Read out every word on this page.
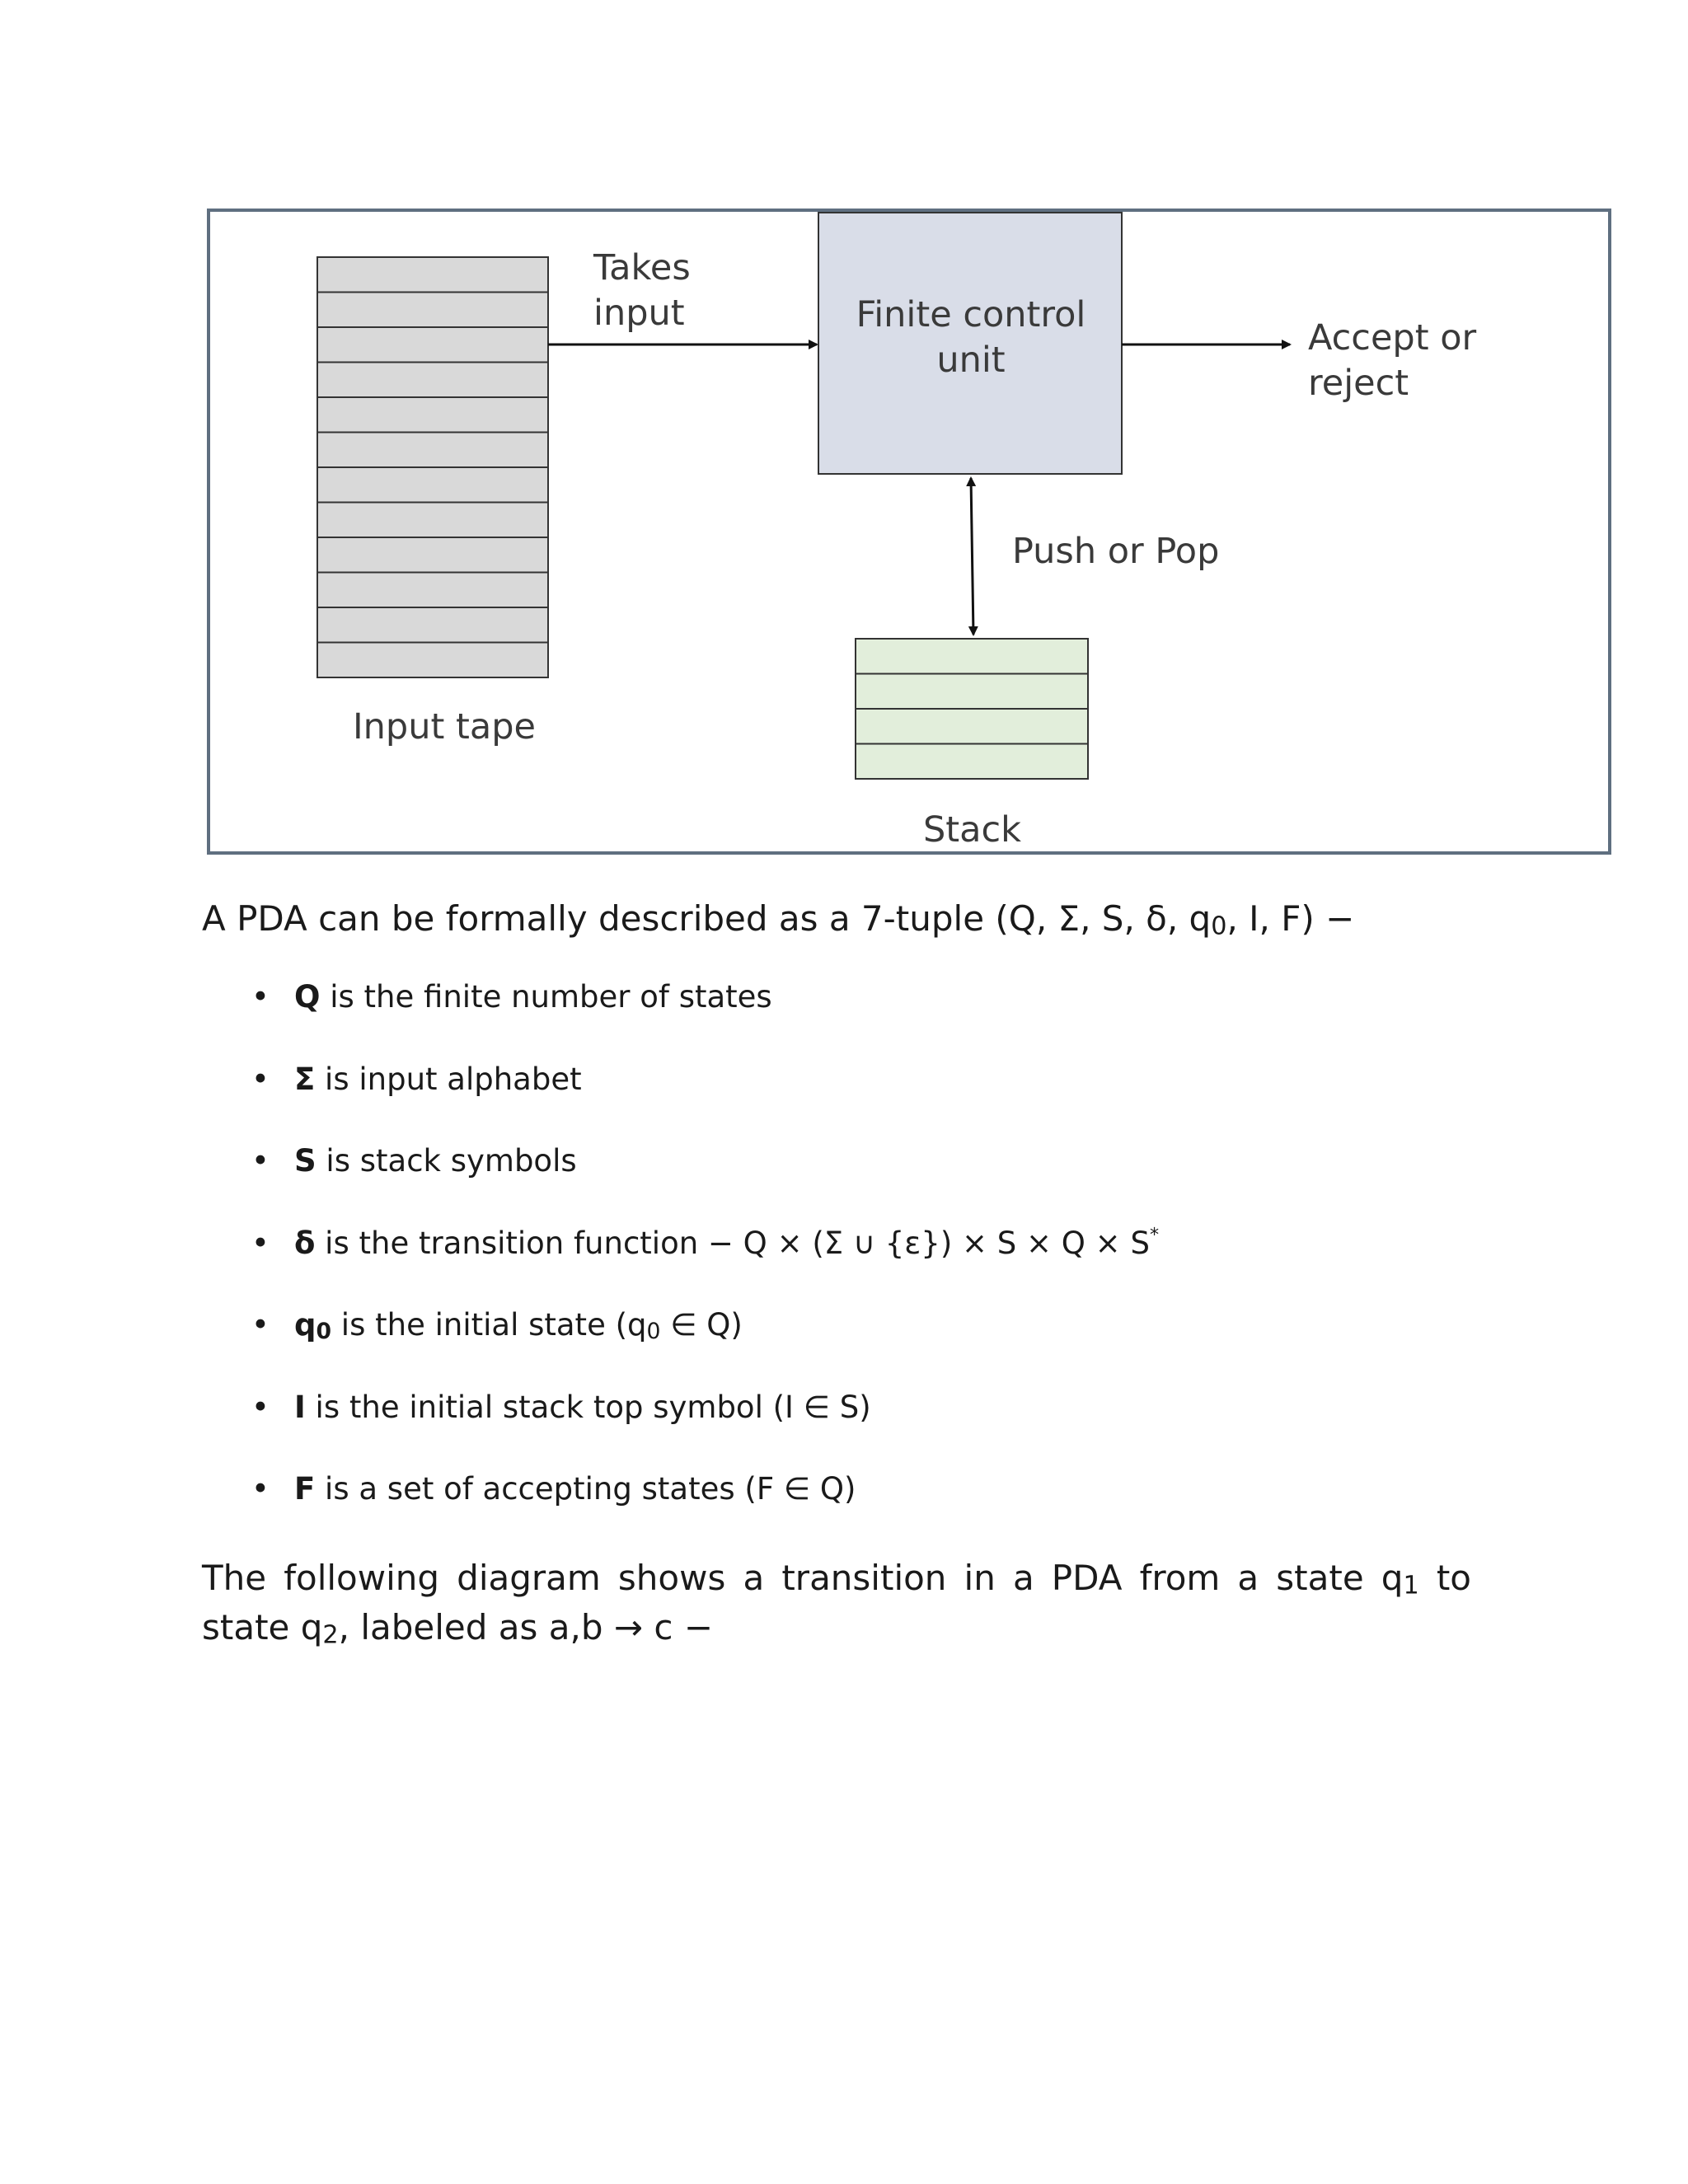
Takes
input	Finite control
unit
Accept or
reject
Push or Pop
Input tape
Stack
A PDA can be formally described as a 7-tuple (Q, Σ, S, δ, $q_0$, I, F) −
• Q is the finite number of states
• Σ is input alphabet
• S is stack symbols
• δ is the transition function − Q × (Σ ∪ {ε}) × S × Q × S*
• $q_0$ is the initial state ($q_0$ ∈ Q)
• I is the initial stack top symbol (I ∈ S)
• F is a set of accepting states (F ∈ Q)
The following diagram shows a transition in a PDA from a state $q_1$ to state $q_2$, labeled as a,b → c −
